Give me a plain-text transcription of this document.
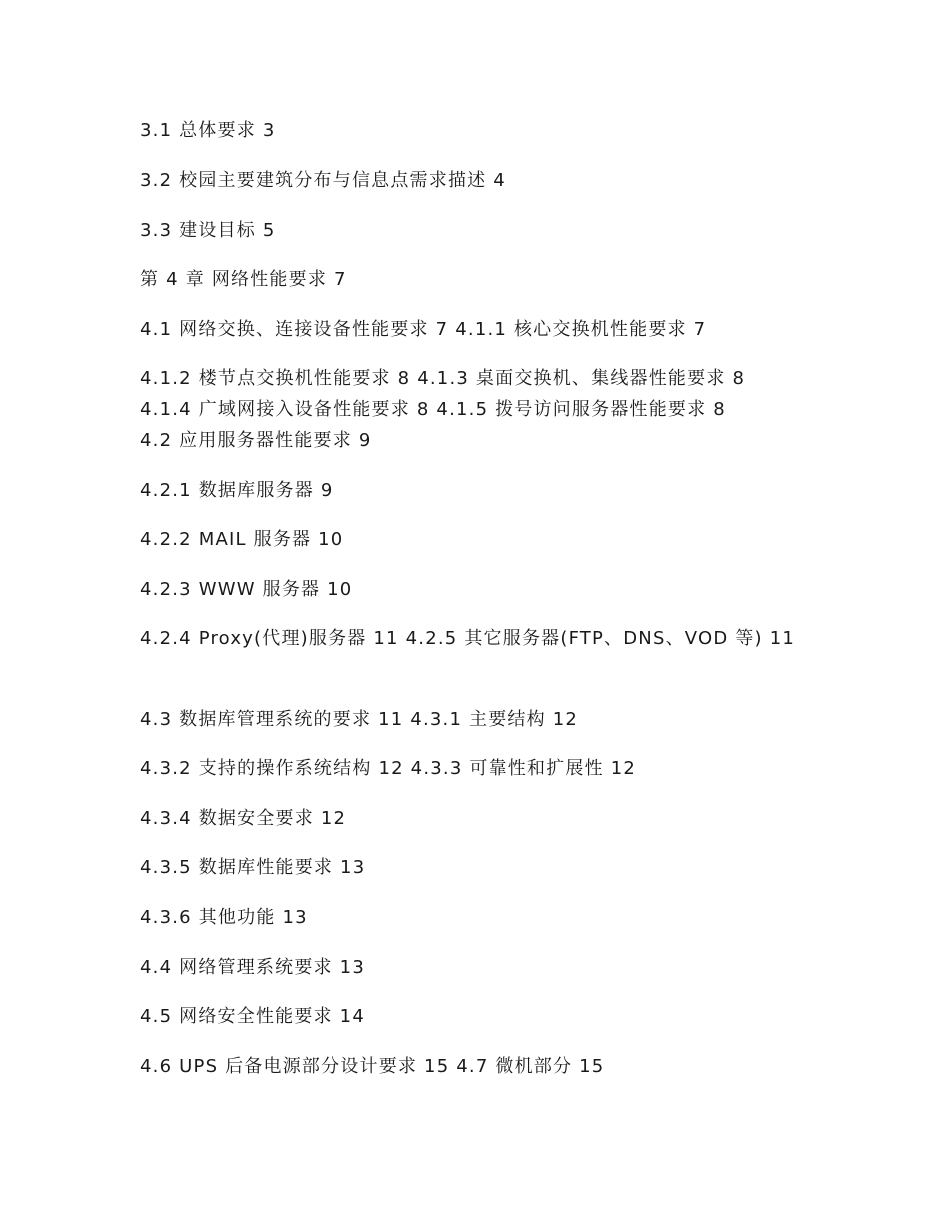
3.1 总体要求 3
3.2 校园主要建筑分布与信息点需求描述 4
3.3 建设目标 5
第 4 章 网络性能要求 7
4.1 网络交换、连接设备性能要求 7 4.1.1 核心交换机性能要求 7
4.1.2 楼节点交换机性能要求 8 4.1.3 桌面交换机、集线器性能要求 8
4.1.4 广域网接入设备性能要求 8 4.1.5 拨号访问服务器性能要求 8
4.2 应用服务器性能要求 9
4.2.1 数据库服务器 9
4.2.2 MAIL 服务器 10
4.2.3 WWW 服务器 10
4.2.4 Proxy(代理)服务器 11 4.2.5 其它服务器(FTP、DNS、VOD 等) 11
4.3 数据库管理系统的要求 11 4.3.1 主要结构 12
4.3.2 支持的操作系统结构 12 4.3.3 可靠性和扩展性 12
4.3.4 数据安全要求 12
4.3.5 数据库性能要求 13
4.3.6 其他功能 13
4.4 网络管理系统要求 13
4.5 网络安全性能要求 14
4.6 UPS 后备电源部分设计要求 15 4.7 微机部分 15
